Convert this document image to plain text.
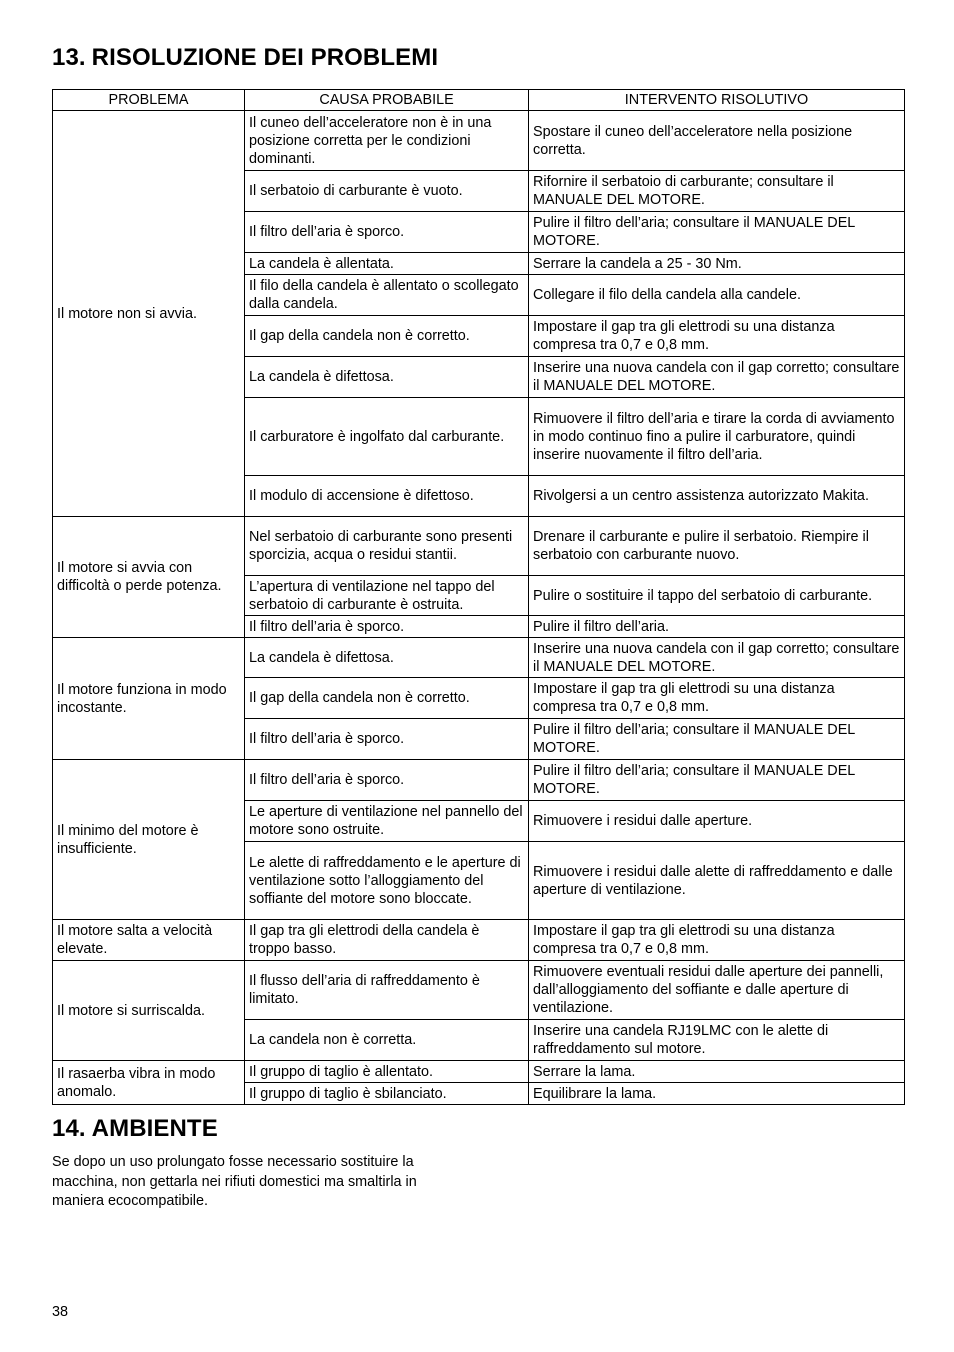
13. RISOLUZIONE DEI PROBLEMI
PROBLEMA	CAUSA PROBABILE	INTERVENTO RISOLUTIVO
Il motore non si avvia.	Il cuneo dell’acceleratore non è in una posizione corretta per le condizioni dominanti.	Spostare il cuneo dell’acceleratore nella posizione corretta.
	Il serbatoio di carburante è vuoto.	Rifornire il serbatoio di carburante; consultare il MANUALE DEL MOTORE.
	Il filtro dell’aria è sporco.	Pulire il filtro dell’aria; consultare il MANUALE DEL MOTORE.
	La candela è allentata.	Serrare la candela a 25 - 30 Nm.
	Il filo della candela è allentato o scollegato dalla candela.	Collegare il filo della candela alla candele.
	Il gap della candela non è corretto.	Impostare il gap tra gli elettrodi su una distanza compresa tra 0,7 e 0,8 mm.
	La candela è difettosa.	Inserire una nuova candela con il gap corretto; consultare il MANUALE DEL MOTORE.
	Il carburatore è ingolfato dal carburante.	Rimuovere il filtro dell’aria e tirare la corda di avviamento in modo continuo fino a pulire il carburatore, quindi inserire nuovamente il filtro dell’aria.
	Il modulo di accensione è difettoso.	Rivolgersi a un centro assistenza autorizzato Makita.
Il motore si avvia con difficoltà o perde potenza.	Nel serbatoio di carburante sono presenti sporcizia, acqua o residui stantii.	Drenare il carburante e pulire il serbatoio. Riempire il serbatoio con carburante nuovo.
	L’apertura di ventilazione nel tappo del serbatoio di carburante è ostruita.	Pulire o sostituire il tappo del serbatoio di carburante.
	Il filtro dell’aria è sporco.	Pulire il filtro dell’aria.
Il motore funziona in modo incostante.	La candela è difettosa.	Inserire una nuova candela con il gap corretto; consultare il MANUALE DEL MOTORE.
	Il gap della candela non è corretto.	Impostare il gap tra gli elettrodi su una distanza compresa tra 0,7 e 0,8 mm.
	Il filtro dell’aria è sporco.	Pulire il filtro dell’aria; consultare il MANUALE DEL MOTORE.
Il minimo del motore è insufficiente.	Il filtro dell’aria è sporco.	Pulire il filtro dell’aria; consultare il MANUALE DEL MOTORE.
	Le aperture di ventilazione nel pannello del motore sono ostruite.	Rimuovere i residui dalle aperture.
	Le alette di raffreddamento e le aperture di ventilazione sotto l’alloggiamento del soffiante del motore sono bloccate.	Rimuovere i residui dalle alette di raffreddamento e dalle aperture di ventilazione.
Il motore salta a velocità elevate.	Il gap tra gli elettrodi della candela è troppo basso.	Impostare il gap tra gli elettrodi su una distanza compresa tra 0,7 e 0,8 mm.
Il motore si surriscalda.	Il flusso dell’aria di raffreddamento è limitato.	Rimuovere eventuali residui dalle aperture dei pannelli, dall’alloggiamento del soffiante e dalle aperture di ventilazione.
	La candela non è corretta.	Inserire una candela RJ19LMC con le alette di raffreddamento sul motore.
Il rasaerba vibra in modo anomalo.	Il gruppo di taglio è allentato.	Serrare la lama.
	Il gruppo di taglio è sbilanciato.	Equilibrare la lama.
14. AMBIENTE

Se dopo un uso prolungato fosse necessario sostituire la macchina, non gettarla nei rifiuti domestici ma smaltirla in maniera ecocompatibile.

38
